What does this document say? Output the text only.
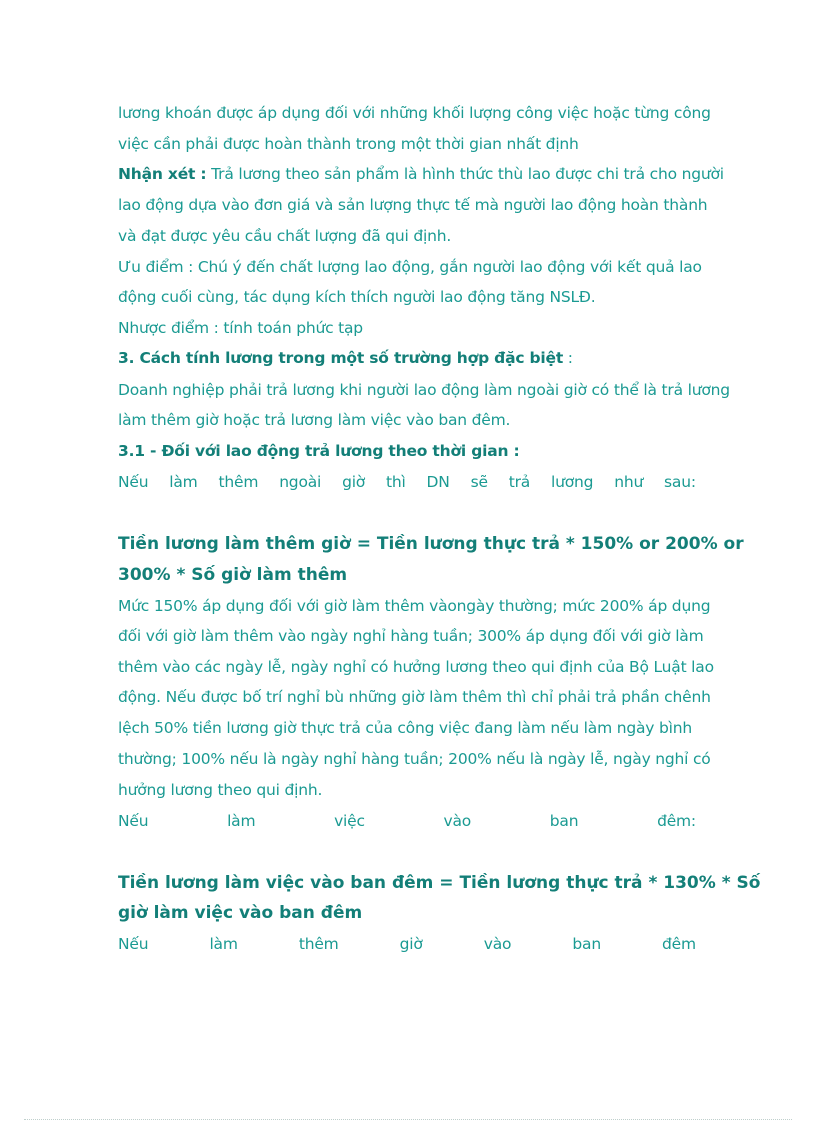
lương khoán được áp dụng đối với những khối lượng công việc hoặc từng công
việc cần phải được hoàn thành trong một thời gian nhất định
Nhận xét : Trả lương theo sản phẩm là hình thức thù lao được chi trả cho người
lao động dựa vào đơn giá và sản lượng thực tế mà người lao động hoàn thành
và đạt được yêu cầu chất lượng đã qui định.
Ưu điểm : Chú ý đến chất lượng lao động, gắn người lao động với kết quả lao
động cuối cùng, tác dụng kích thích người lao động tăng NSLĐ.
Nhược điểm : tính toán phức tạp
3. Cách tính lương trong một số trường hợp đặc biệt :
Doanh nghiệp phải trả lương khi người lao động làm ngoài giờ có thể là trả lương
làm thêm giờ hoặc trả lương làm việc vào ban đêm.
3.1 - Đối với lao động trả lương theo thời gian :
Nếu làm thêm ngoài giờ thì DN sẽ trả lương như sau:
Tiền lương làm thêm giờ = Tiền lương thực trả * 150% or 200% or
300% * Số giờ làm thêm
Mức 150% áp dụng đối với giờ làm thêm vàongày thường; mức 200% áp dụng
đối với giờ làm thêm vào ngày nghỉ hàng tuần; 300% áp dụng đối với giờ làm
thêm vào các ngày lễ, ngày nghỉ có hưởng lương theo qui định của Bộ Luật lao
động. Nếu được bố trí nghỉ bù những giờ làm thêm thì chỉ phải trả phần chênh
lệch 50% tiền lương giờ thực trả của công việc đang làm nếu làm ngày bình
thường; 100% nếu là ngày nghỉ hàng tuần; 200% nếu là ngày lễ, ngày nghỉ có
hưởng lương theo qui định.
Nếu	làm	việc	vào	ban	đêm:
Tiền lương làm việc vào ban đêm = Tiền lương thực trả * 130% * Số
giờ làm việc vào ban đêm
Nếu	làm	thêm	giờ	vào	ban	đêm
